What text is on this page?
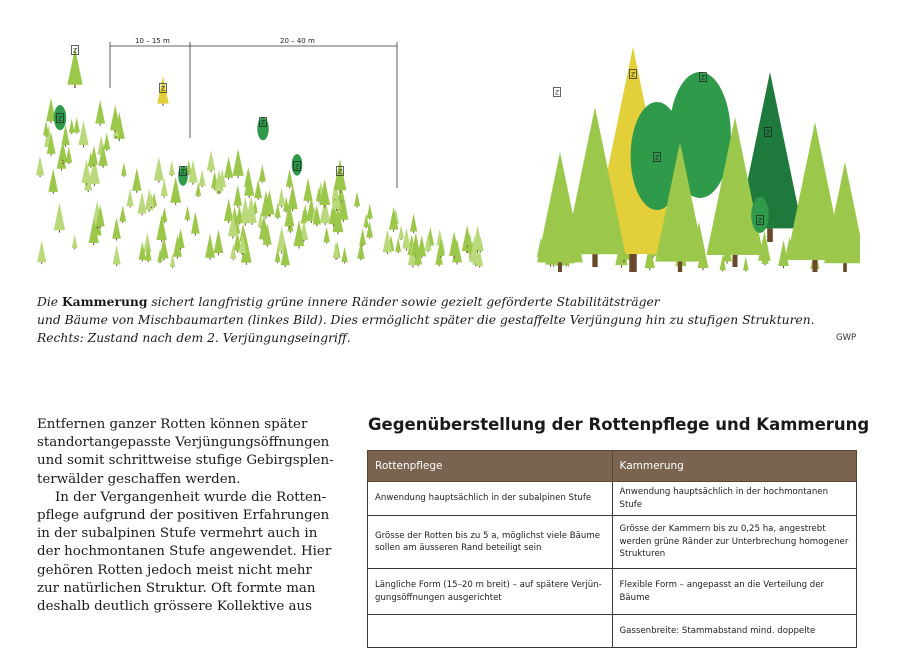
Z
Z
Z
Z
Z
Z
Z
10 – 15 m	20 – 40 m
Z
Z
Z
Z
Z
Z
Die Kammerung sichert langfristig grüne innere Ränder sowie gezielt geförderte Stabilitätsträger
und Bäume von Mischbaumarten (linkes Bild). Dies ermöglicht später die gestaffelte Verjüngung hin zu stufigen Strukturen.
Rechts: Zustand nach dem 2. Verjüngungseingriff.	GWP
Entfernen ganzer Rotten können später
standortangepasste Verjüngungsöffnungen
und somit schrittweise stufige Gebirgsplen-
terwälder geschaffen werden.
In der Vergangenheit wurde die Rotten-
pflege aufgrund der positiven Erfahrungen
in der subalpinen Stufe vermehrt auch in
der hochmontanen Stufe angewendet. Hier
gehören Rotten jedoch meist nicht mehr
zur natürlichen Struktur. Oft formte man
deshalb deutlich grössere Kollektive aus
Gegenüberstellung der Rottenpflege und Kammerung
Rottenpflege	Kammerung

Anwendung hauptsächlich in der subalpinen Stufe	Anwendung hauptsächlich in der hochmontanen Stufe

Grösse der Rotten bis zu 5 a, möglichst viele Bäume
sollen am äusseren Rand beteiligt sein	Grösse der Kammern bis zu 0,25 ha, angestrebt
werden grüne Ränder zur Unterbrechung homogener
Strukturen

Längliche Form (15–20 m breit) – auf spätere Verjün-
gungsöffnungen ausgerichtet	Flexible Form – angepasst an die Verteilung der
Bäume

	Gassenbreite: Stammabstand mind. doppelte
